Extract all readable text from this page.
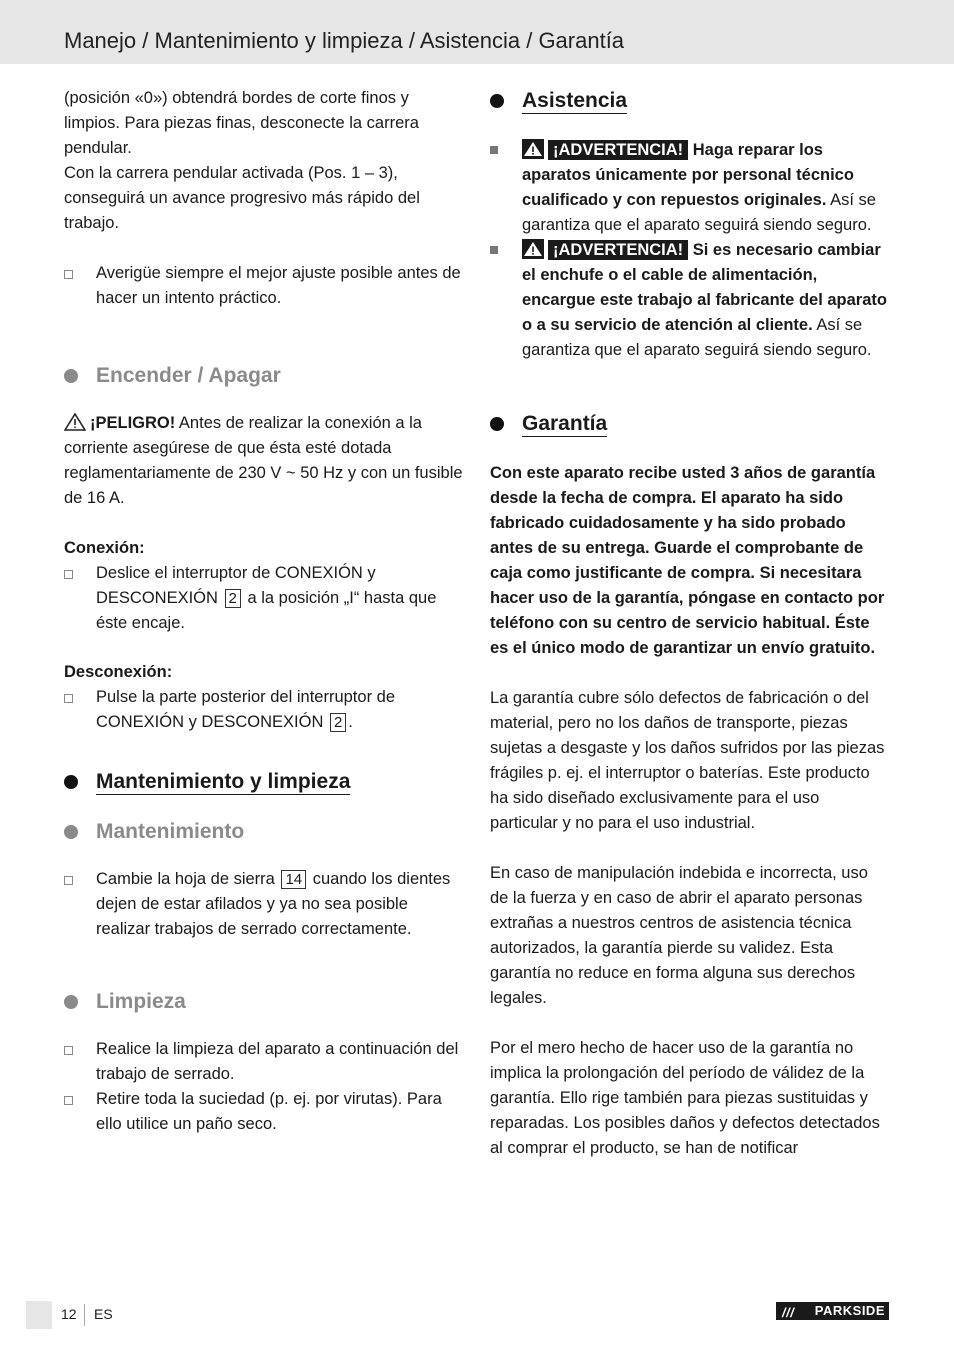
Manejo / Mantenimiento y limpieza / Asistencia / Garantía

(posición «0») obtendrá bordes de corte finos y limpios. Para piezas finas, desconecte la carrera pendular.

Con la carrera pendular activada (Pos. 1 – 3), conseguirá un avance progresivo más rápido del trabajo.

Averigüe siempre el mejor ajuste posible antes de hacer un intento práctico.
Encender / Apagar

¡PELIGRO! Antes de realizar la conexión a la corriente asegúrese de que ésta esté dotada reglamentariamente de 230 V ~ 50 Hz y con un fusible de 16 A.

Conexión:

Deslice el interruptor de CONEXIÓN y DESCONEXIÓN 2 a la posición „I“ hasta que éste encaje.

Desconexión:

Pulse la parte posterior del interruptor de CONEXIÓN y DESCONEXIÓN 2 .
Mantenimiento y limpieza
Mantenimiento
Cambie la hoja de sierra 14 cuando los dientes dejen de estar afilados y ya no sea posible realizar trabajos de serrado correctamente.
Limpieza
Realice la limpieza del aparato a continuación del trabajo de serrado.
Retire toda la suciedad (p. ej. por virutas). Para ello utilice un paño seco.
Asistencia
¡ADVERTENCIA! Haga reparar los aparatos únicamente por personal técnico cualificado y con repuestos originales. Así se garantiza que el aparato seguirá siendo seguro.
¡ADVERTENCIA! Si es necesario cambiar el enchufe o el cable de alimentación, encargue este trabajo al fabricante del aparato o a su servicio de atención al cliente. Así se garantiza que el aparato seguirá siendo seguro.
Garantía

Con este aparato recibe usted 3 años de garantía desde la fecha de compra. El aparato ha sido fabricado cuidadosamente y ha sido probado antes de su entrega. Guarde el comprobante de caja como justificante de compra. Si necesitara hacer uso de la garantía, póngase en contacto por teléfono con su centro de servicio habitual. Éste es el único modo de garantizar un envío gratuito.

La garantía cubre sólo defectos de fabricación o del material, pero no los daños de transporte, piezas sujetas a desgaste y los daños sufridos por las piezas frágiles p. ej. el interruptor o baterías. Este producto ha sido diseñado exclusivamente para el uso particular y no para el uso industrial.

En caso de manipulación indebida e incorrecta, uso de la fuerza y en caso de abrir el aparato personas extrañas a nuestros centros de asistencia técnica autorizados, la garantía pierde su validez. Esta garantía no reduce en forma alguna sus derechos legales.

Por el mero hecho de hacer uso de la garantía no implica la prolongación del período de válidez de la garantía. Ello rige también para piezas sustituidas y reparadas. Los posibles daños y defectos detectados al comprar el producto, se han de notificar

12 ES	/// PARKSIDE
